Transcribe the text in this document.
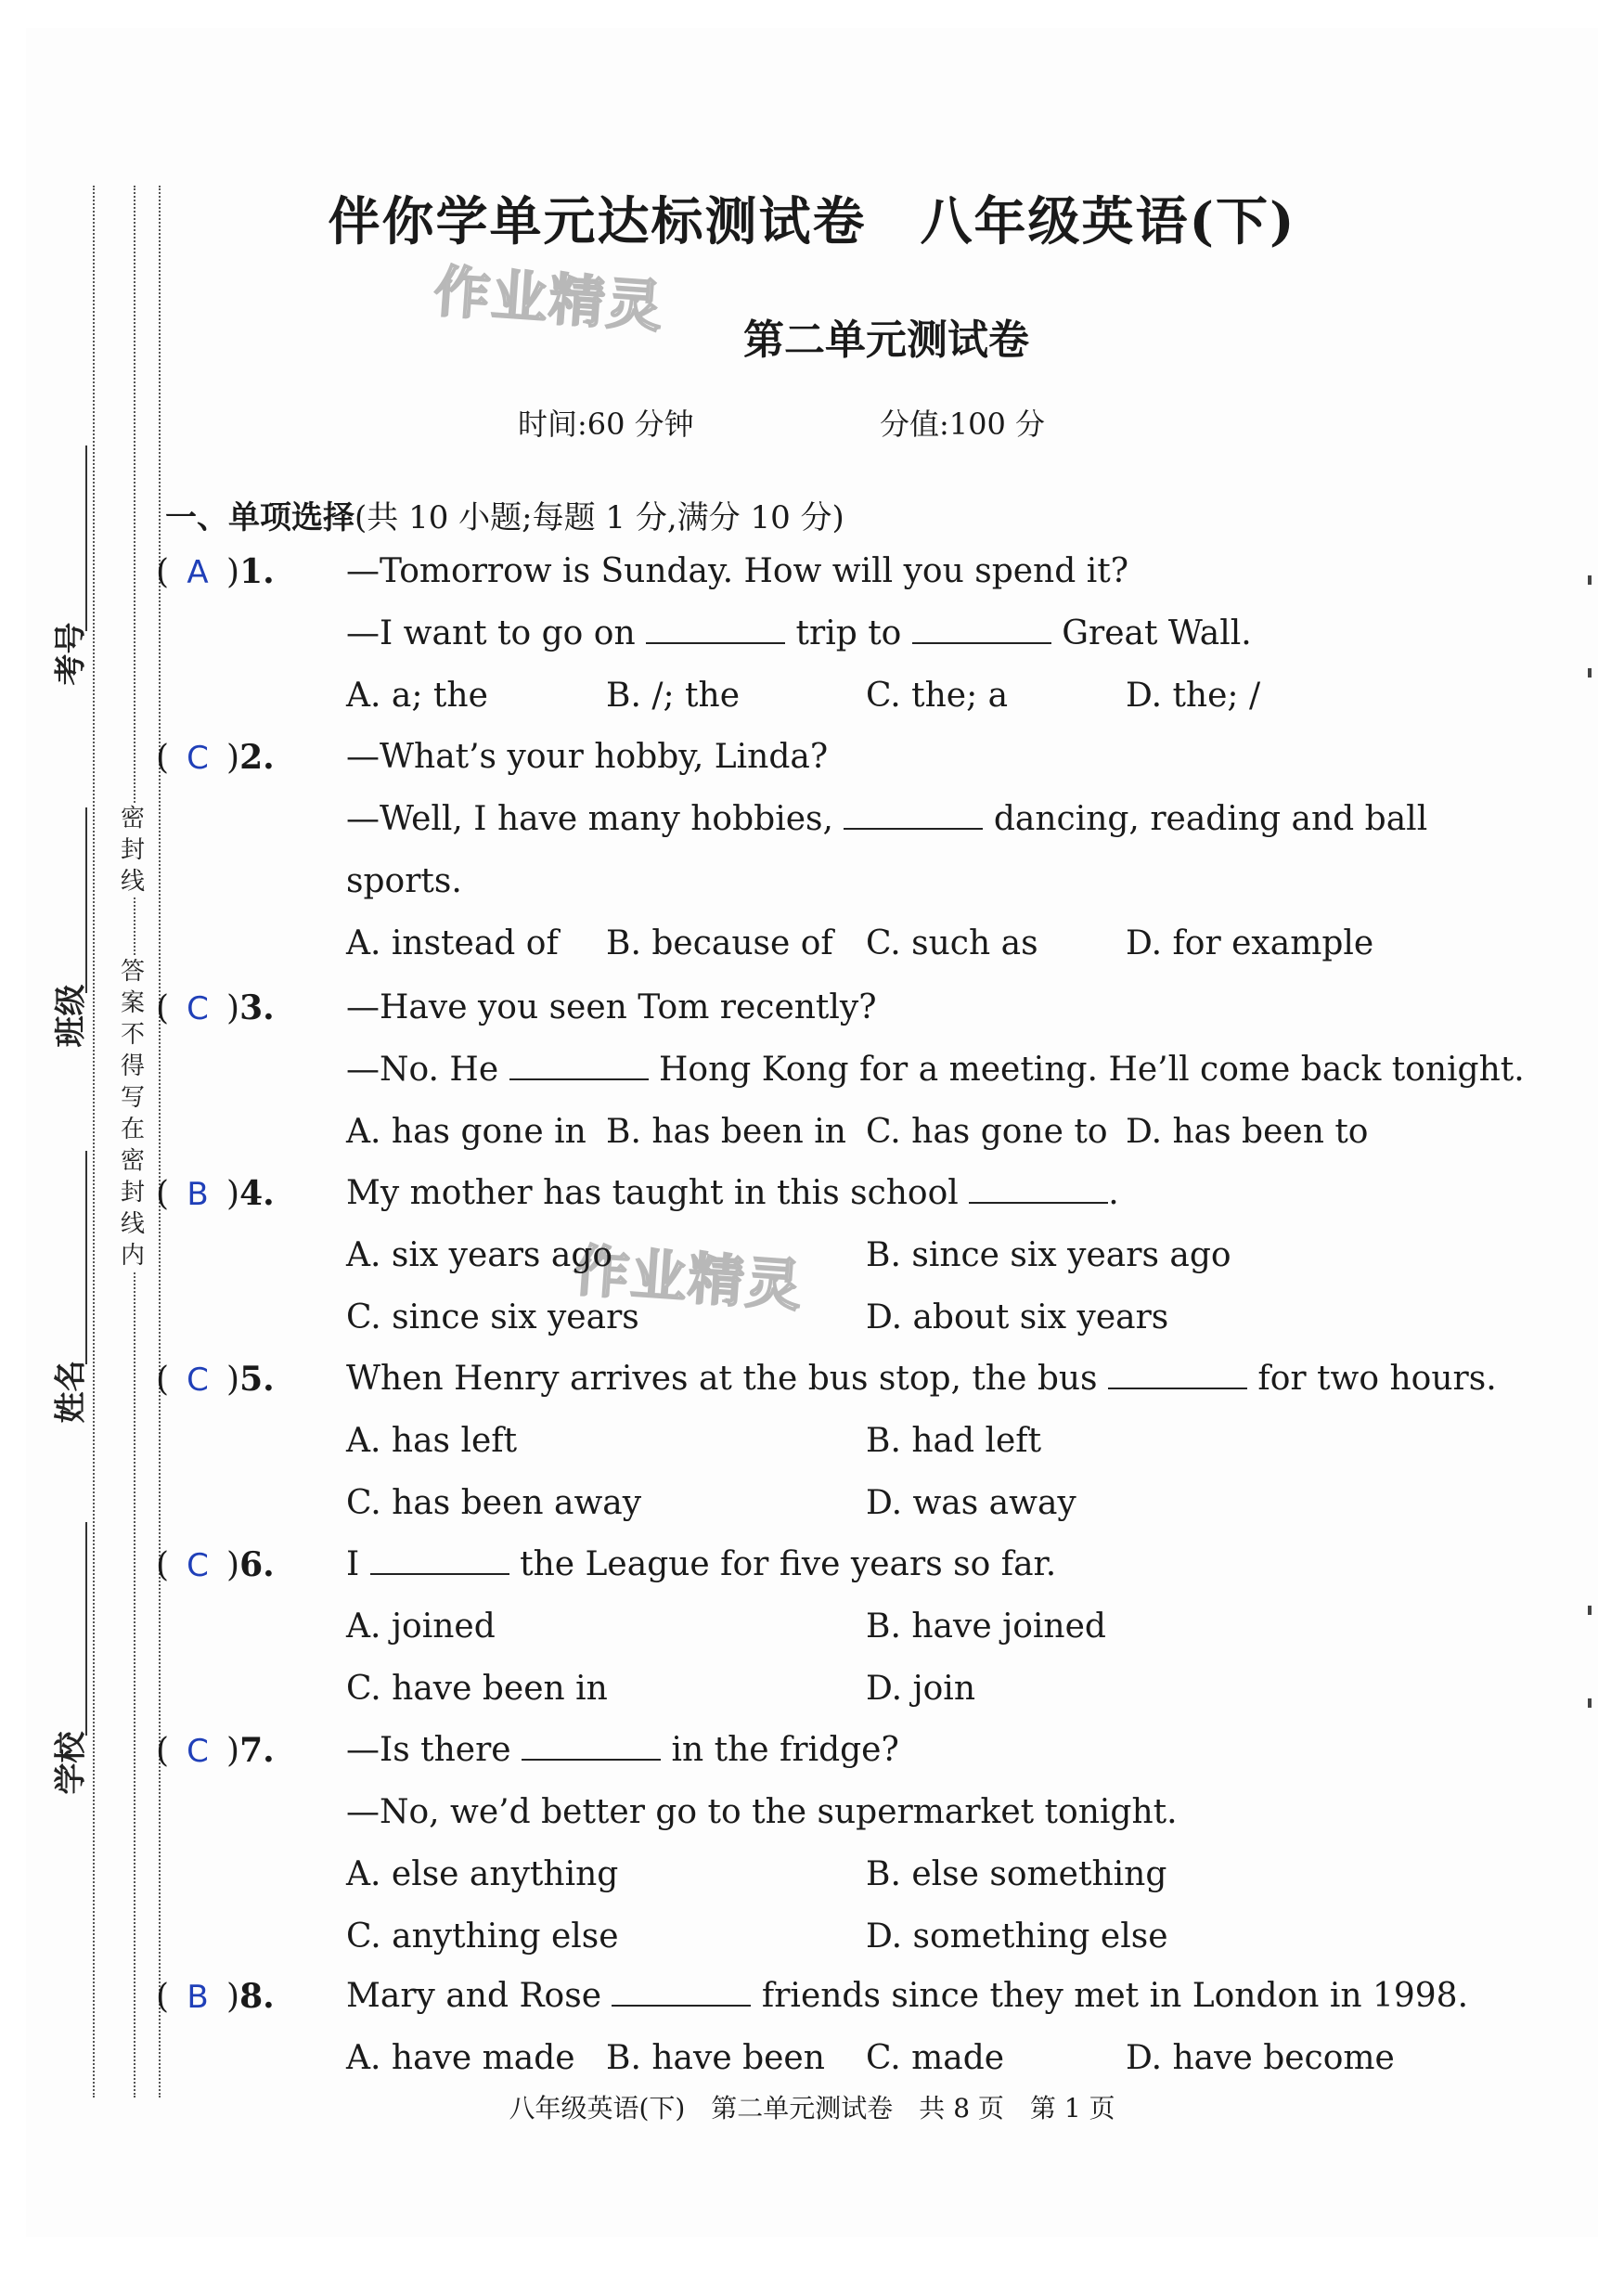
密
封
线
答
案
不
得
写
在
密
封
线
内
考号
班级
姓名
学校
伴你学单元达标测试卷　八年级英语(下)
作业精灵	第二单元测试卷
时间:60 分钟	分值:100 分
一、单项选择(共 10 小题;每题 1 分,满分 10 分)
作业精灵
( A )1. —Tomorrow is Sunday. How will you spend it?
—I want to go on	trip to	Great Wall.
A. a; the	B. /; the	C. the; a	D. the; /
( C )2. —What’s your hobby, Linda?
—Well, I have many hobbies,	dancing, reading and ball
sports.
A. instead of B. because of C. such as	D. for example
( C )3. —Have you seen Tom recently?
—No. He	Hong Kong for a meeting. He’ll come back tonight.
A. has gone in B. has been in C. has gone to D. has been to
( B )4. My mother has taught in this school	.
A. six years ago	B. since six years ago
C. since six years	D. about six years
( C )5. When Henry arrives at the bus stop, the bus	for two hours.
A. has left	B. had left
C. has been away	D. was away
( C )6. I	the League for five years so far.
A. joined	B. have joined
C. have been in	D. join
( C )7. —Is there	in the fridge?
—No, we’d better go to the supermarket tonight.
A. else anything	B. else something
C. anything else	D. something else
( B )8. Mary and Rose	friends since they met in London in 1998.
A. have made B. have been C. made	D. have become
八年级英语(下)　第二单元测试卷　共 8 页　第 1 页
